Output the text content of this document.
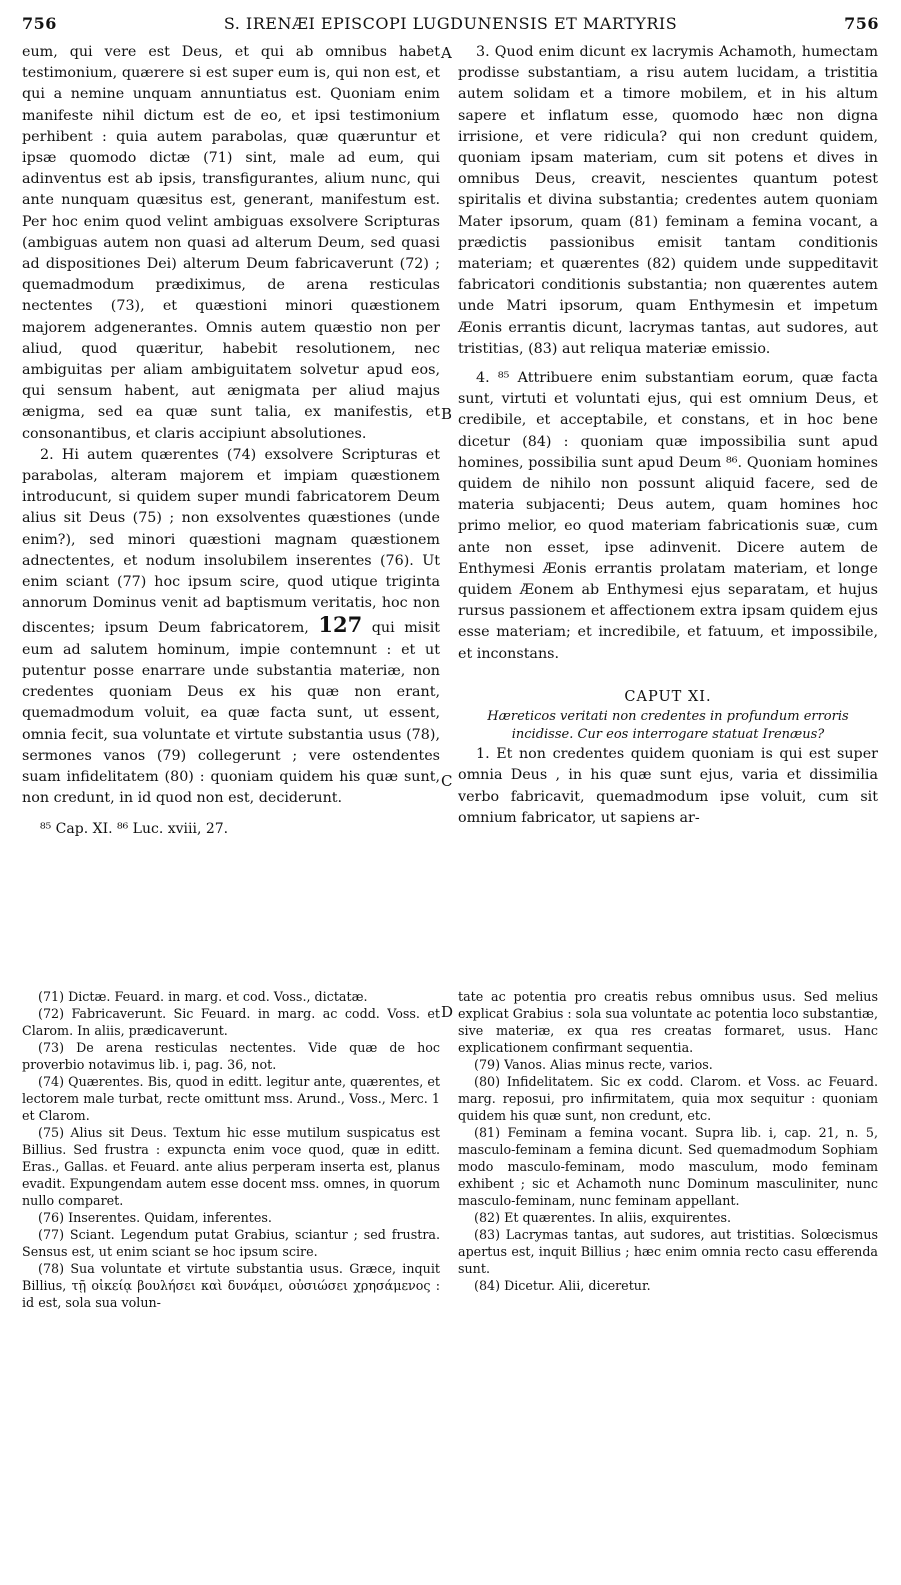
756	S. IRENÆI EPISCOPI LUGDUNENSIS ET MARTYRIS	756
A
B
C
D

eum, qui vere est Deus, et qui ab omnibus habet testimonium, quærere si est super eum is, qui non est, et qui a nemine unquam annuntiatus est. Quoniam enim manifeste nihil dictum est de eo, et ipsi testimonium perhibent : quia autem parabolas, quæ quæruntur et ipsæ quomodo dictæ (71) sint, male ad eum, qui adinventus est ab ipsis, transfigurantes, alium nunc, qui ante nunquam quæsitus est, generant, manifestum est. Per hoc enim quod velint ambiguas exsolvere Scripturas (ambiguas autem non quasi ad alterum Deum, sed quasi ad dispositiones Dei) alterum Deum fabricaverunt (72) ; quemadmodum prædiximus, de arena resticulas nectentes (73), et quæstioni minori quæstionem majorem adgenerantes. Omnis autem quæstio non per aliud, quod quæritur, habebit resolutionem, nec ambiguitas per aliam ambiguitatem solvetur apud eos, qui sensum habent, aut ænigmata per aliud majus ænigma, sed ea quæ sunt talia, ex manifestis, et consonantibus, et claris accipiunt absolutiones.

2. Hi autem quærentes (74) exsolvere Scripturas et parabolas, alteram majorem et impiam quæstionem introducunt, si quidem super mundi fabricatorem Deum alius sit Deus (75) ; non exsolventes quæstiones (unde enim?), sed minori quæstioni magnam quæstionem adnectentes, et nodum insolubilem inserentes (76). Ut enim sciant (77) hoc ipsum scire, quod utique triginta annorum Dominus venit ad baptismum veritatis, hoc non discentes; ipsum Deum fabricatorem, 127 qui misit eum ad salutem hominum, impie contemnunt : et ut putentur posse enarrare unde substantia materiæ, non credentes quoniam Deus ex his quæ non erant, quemadmodum voluit, ea quæ facta sunt, ut essent, omnia fecit, sua voluntate et virtute substantia usus (78), sermones vanos (79) collegerunt ; vere ostendentes suam infidelitatem (80) : quoniam quidem his quæ sunt, non credunt, in id quod non est, deciderunt.

⁸⁵ Cap. XI. ⁸⁶ Luc. xviii, 27.

3. Quod enim dicunt ex lacrymis Achamoth, humectam prodisse substantiam, a risu autem lucidam, a tristitia autem solidam et a timore mobilem, et in his altum sapere et inflatum esse, quomodo hæc non digna irrisione, et vere ridicula? qui non credunt quidem, quoniam ipsam materiam, cum sit potens et dives in omnibus Deus, creavit, nescientes quantum potest spiritalis et divina substantia; credentes autem quoniam Mater ipsorum, quam (81) feminam a femina vocant, a prædictis passionibus emisit tantam conditionis materiam; et quærentes (82) quidem unde suppeditavit fabricatori conditionis substantia; non quærentes autem unde Matri ipsorum, quam Enthymesin et impetum Æonis errantis dicunt, lacrymas tantas, aut sudores, aut tristitias, (83) aut reliqua materiæ emissio.

4. ⁸⁵ Attribuere enim substantiam eorum, quæ facta sunt, virtuti et voluntati ejus, qui est omnium Deus, et credibile, et acceptabile, et constans, et in hoc bene dicetur (84) : quoniam quæ impossibilia sunt apud homines, possibilia sunt apud Deum ⁸⁶. Quoniam homines quidem de nihilo non possunt aliquid facere, sed de materia subjacenti; Deus autem, quam homines hoc primo melior, eo quod materiam fabricationis suæ, cum ante non esset, ipse adinvenit. Dicere autem de Enthymesi Æonis errantis prolatam materiam, et longe quidem Æonem ab Enthymesi ejus separatam, et hujus rursus passionem et affectionem extra ipsam quidem ejus esse materiam; et incredibile, et fatuum, et impossibile, et inconstans.

CAPUT XI.

Hæreticos veritati non credentes in profundum erroris incidisse. Cur eos interrogare statuat Irenæus?

1. Et non credentes quidem quoniam is qui est super omnia Deus , in his quæ sunt ejus, varia et dissimilia verbo fabricavit, quemadmodum ipse voluit, cum sit omnium fabricator, ut sapiens ar-

(71) Dictæ. Feuard. in marg. et cod. Voss., dictatæ.

(72) Fabricaverunt. Sic Feuard. in marg. ac codd. Voss. et Clarom. In aliis, prædicaverunt.

(73) De arena resticulas nectentes. Vide quæ de hoc proverbio notavimus lib. i, pag. 36, not.

(74) Quærentes. Bis, quod in editt. legitur ante, quærentes, et lectorem male turbat, recte omittunt mss. Arund., Voss., Merc. 1 et Clarom.

(75) Alius sit Deus. Textum hic esse mutilum suspicatus est Billius. Sed frustra : expuncta enim voce quod, quæ in editt. Eras., Gallas. et Feuard. ante alius perperam inserta est, planus evadit. Expungendam autem esse docent mss. omnes, in quorum nullo comparet.

(76) Inserentes. Quidam, inferentes.

(77) Sciant. Legendum putat Grabius, sciantur ; sed frustra. Sensus est, ut enim sciant se hoc ipsum scire.

(78) Sua voluntate et virtute substantia usus. Græce, inquit Billius, τῇ οἰκείᾳ βουλήσει καὶ δυνάμει, οὐσιώσει χρησάμενος : id est, sola sua volun-

tate ac potentia pro creatis rebus omnibus usus. Sed melius explicat Grabius : sola sua voluntate ac potentia loco substantiæ, sive materiæ, ex qua res creatas formaret, usus. Hanc explicationem confirmant sequentia.

(79) Vanos. Alias minus recte, varios.

(80) Infidelitatem. Sic ex codd. Clarom. et Voss. ac Feuard. marg. reposui, pro infirmitatem, quia mox sequitur : quoniam quidem his quæ sunt, non credunt, etc.

(81) Feminam a femina vocant. Supra lib. i, cap. 21, n. 5, masculo-feminam a femina dicunt. Sed quemadmodum Sophiam modo masculo-feminam, modo masculum, modo feminam exhibent ; sic et Achamoth nunc Dominum masculiniter, nunc masculo-feminam, nunc feminam appellant.

(82) Et quærentes. In aliis, exquirentes.

(83) Lacrymas tantas, aut sudores, aut tristitias. Solœcismus apertus est, inquit Billius ; hæc enim omnia recto casu efferenda sunt.

(84) Dicetur. Alii, diceretur.
